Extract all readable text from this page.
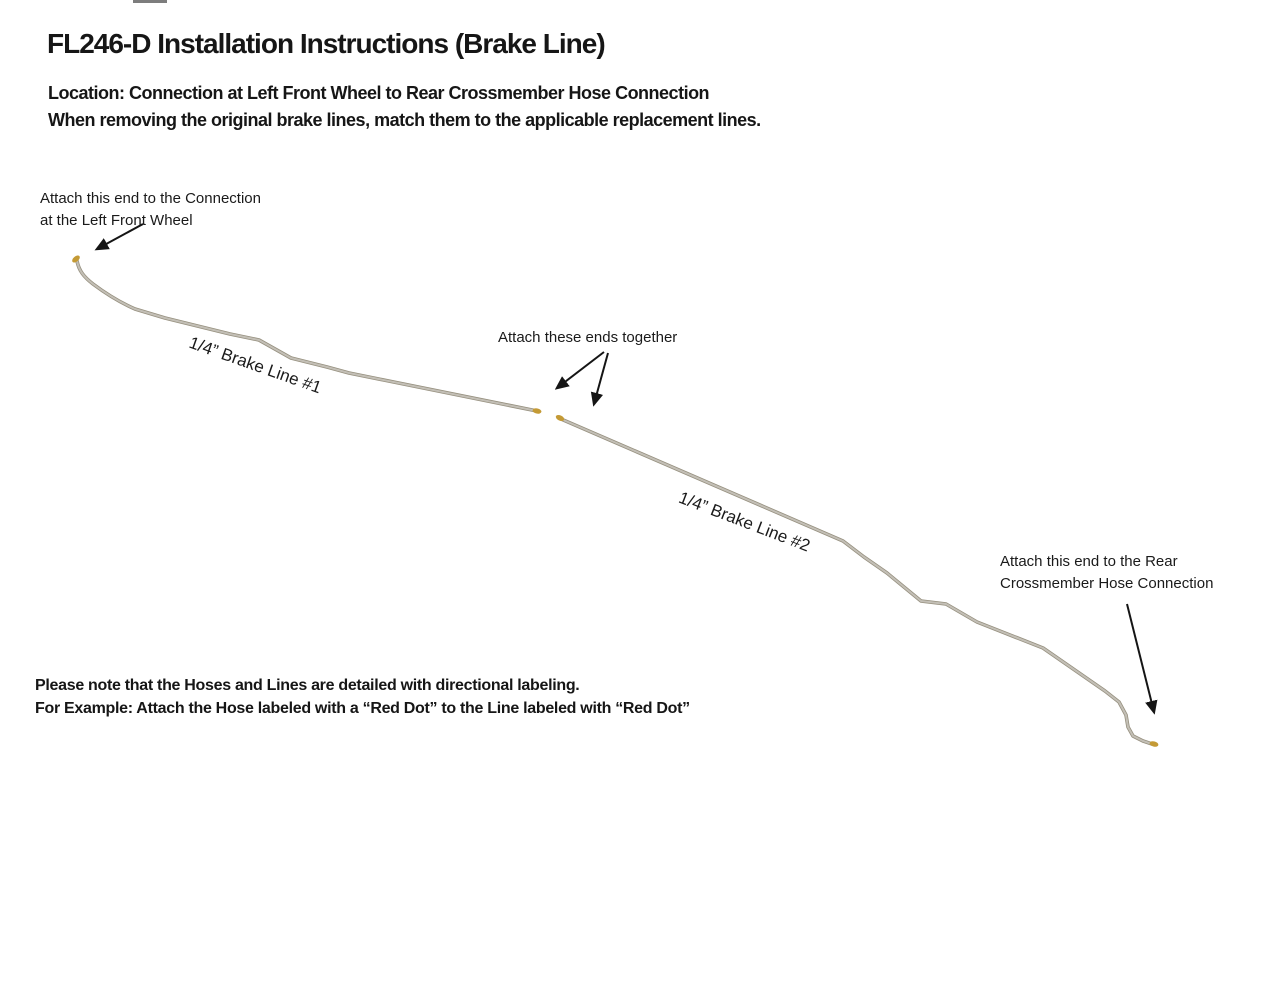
FL246-D Installation Instructions (Brake Line)
Location: Connection at Left Front Wheel to Rear Crossmember Hose Connection
When removing the original brake lines, match them to the applicable replacement lines.
Attach this end to the Connection
at the Left Front Wheel
Attach these ends together
Attach this end to the Rear
Crossmember Hose Connection
1/4” Brake Line #1
1/4” Brake Line #2
Please note that the Hoses and Lines are detailed with directional labeling.
For Example: Attach the Hose labeled with a “Red Dot” to the Line labeled with “Red Dot”
